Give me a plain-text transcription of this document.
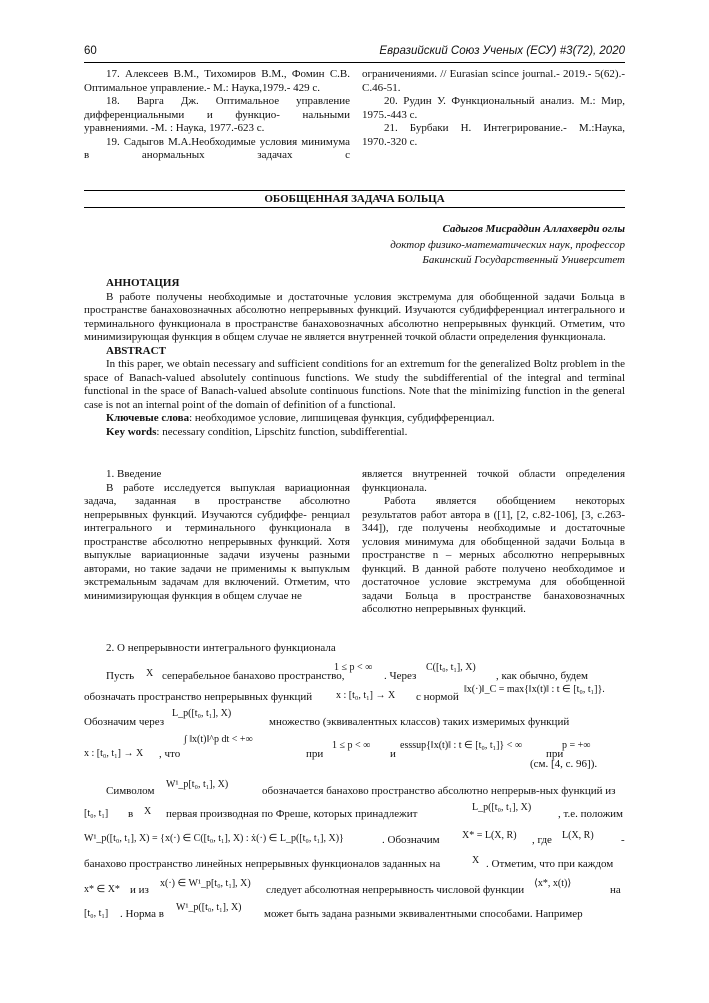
60	Евразийский Союз Ученых (ЕСУ) #3(72), 2020

17. Алексеев В.М., Тихомиров В.М., Фомин С.В. Оптимальное управление.- М.: Наука,1979.- 429 с.

18. Варга Дж. Оптимальное управление дифференциальными и функцио- нальными уравнениями. -М. : Наука, 1977.-623 с.

19. Садыгов М.А.Необходимые условия минимума в анормальных задачах с

ограничениями. // Eurasian scince journal.- 2019.- 5(62).- С.46-51.

20. Рудин У. Функциональный анализ. М.: Мир, 1975.-443 с.

21. Бурбаки Н. Интегрирование.- М.:Наука, 1970.-320 с.

ОБОБЩЕННАЯ ЗАДАЧА БОЛЬЦА
Садыгов Мисраддин Аллахверди оглы
доктор физико-математических наук, профессор
Бакинский Государственный Университет

АННОТАЦИЯ

В работе получены необходимые и достаточные условия экстремума для обобщенной задачи Больца в пространстве банаховозначных абсолютно непрерывных функций. Изучаются субдифференциал интегрального и терминального функционала в пространстве банаховозначных абсолютно непрерывных функций. Отметим, что минимизирующая функция в общем случае не является внутренней точкой области определения функционала.

ABSTRACT

In this paper, we obtain necessary and sufficient conditions for an extremum for the generalized Boltz problem in the space of Banach-valued absolutely continuous functions. We study the subdifferential of the integral and terminal functional in the space of Banach-valued absolute continuous functions. Note that the minimizing function in the general case is not an internal point of the domain of definition of a functional.

Ключевые слова: необходимое условие, липшицевая функция, субдифференциал.

Key words: necessary condition, Lipschitz function, subdifferential.

1. Введение

В работе исследуется выпуклая вариационная задача, заданная в пространстве абсолютно непрерывных функций. Изучаются субдиффе- ренциал интегрального и терминального функционала в пространстве абсолютно непрерывных функций. Хотя выпуклые вариационные задачи изучены разными авторами, но такие задачи не применимы к выпуклым экстремальным задачам для включений. Отметим, что минимизирующая функция в общем случае не

является внутренней точкой области определения функционала.

Работа является обобщением некоторых результатов работ автора в ([1], [2, с.82-106], [3, с.263-344]), где получены необходимые и достаточные условия минимума для обобщенной задачи Больца в пространстве n – мерных абсолютно непрерывных функций. В данной работе получено необходимое и достаточное условие экстремума для обобщенной задачи Больца в пространстве банаховозначных абсолютно непрерывных функций.

2. О непрерывности интегрального функционала

Пусть X сеперабельное банахово пространство,
1 ≤ p < ∞
. Через
C([t₀, t₁], X)
, как обычно, будем
обозначать пространство непрерывных функций x : [t₀, t₁] → X с нормой
‖x(·)‖_C = max{‖x(t)‖ : t ∈ [t₀, t₁]}.
Обозначим через
L_p([t₀, t₁], X)
множество (эквивалентных классов) таких измеримых функций
x : [t₀, t₁] → X , что
∫ ‖x(t)‖^p dt < +∞
при
1 ≤ p < ∞
и
esssup{‖x(t)‖ : t ∈ [t₀, t₁]} < ∞
при
p = +∞
(см. [4, с. 96]).
Символом
W¹_p[t₀, t₁], X)
обозначается банахово пространство абсолютно непрерыв-ных функций из
[t₀, t₁] в X первая производная по Фреше, которых принадлежит
L_p([t₀, t₁], X)
, т.е. положим
W¹_p([t₀, t₁], X) = {x(·) ∈ C([t₀, t₁], X) : ẋ(·) ∈ L_p([t₀, t₁], X)}	. Обозначим X* = L(X, R) , где L(X, R) -
банахово пространство линейных непрерывных функционалов заданных на	X . Отметим, что при каждом
x* ∈ X* и из
x(·) ∈ W¹_p[t₀, t₁], X)
следует абсолютная непрерывность числовой функции
⟨x*, x(t)⟩
на
[t₀, t₁] . Норма в
W¹_p([t₀, t₁], X)
может быть задана разными эквивалентными способами. Например
